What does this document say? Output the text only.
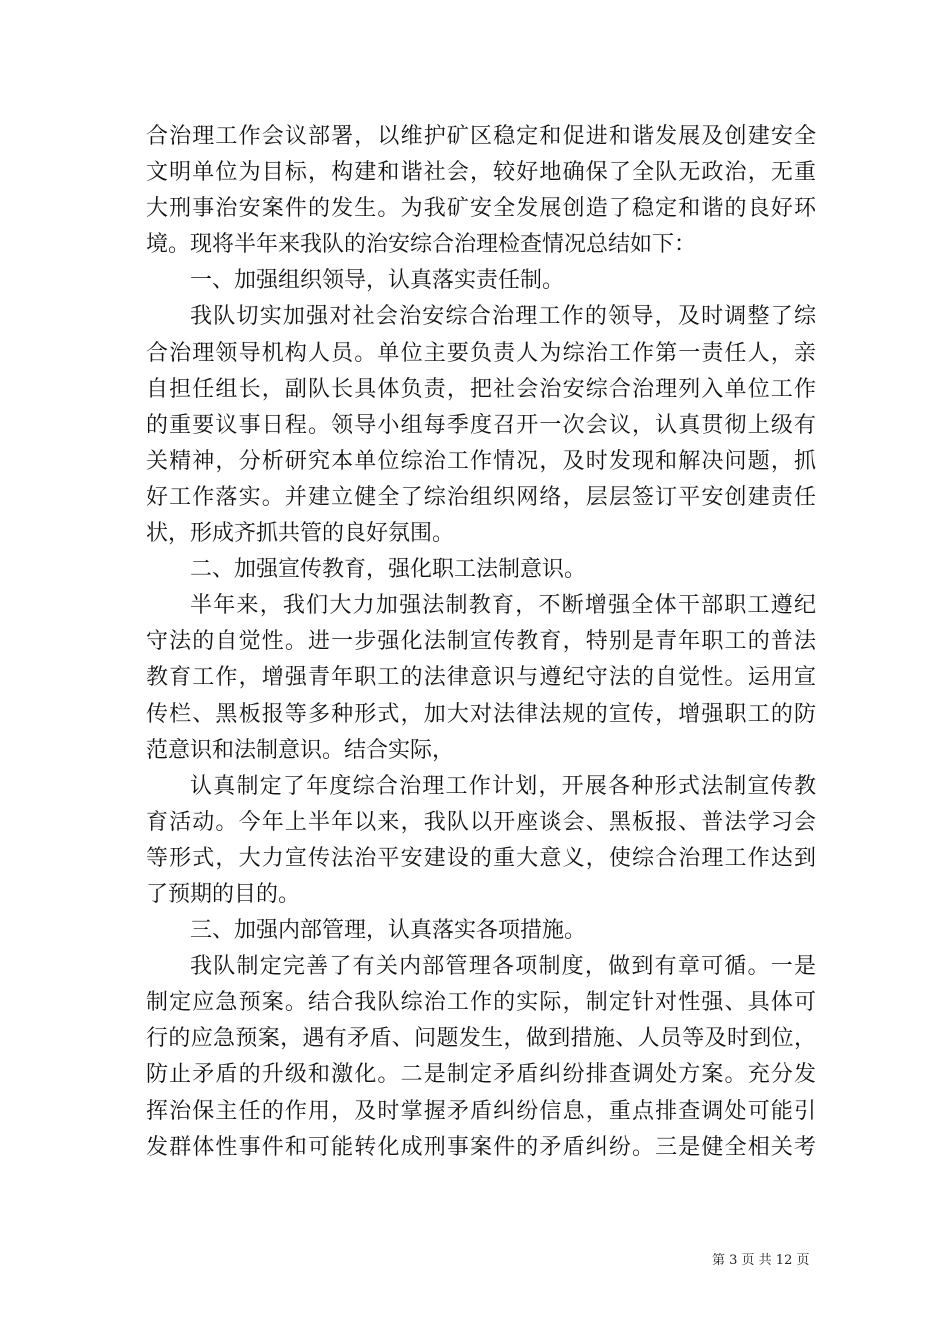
合治理工作会议部署，以维护矿区稳定和促进和谐发展及创建安全
文明单位为目标，构建和谐社会，较好地确保了全队无政治，无重
大刑事治安案件的发生。为我矿安全发展创造了稳定和谐的良好环
境。现将半年来我队的治安综合治理检查情况总结如下：
一、加强组织领导，认真落实责任制。
我队切实加强对社会治安综合治理工作的领导，及时调整了综
合治理领导机构人员。单位主要负责人为综治工作第一责任人，亲
自担任组长，副队长具体负责，把社会治安综合治理列入单位工作
的重要议事日程。领导小组每季度召开一次会议，认真贯彻上级有
关精神，分析研究本单位综治工作情况，及时发现和解决问题，抓
好工作落实。并建立健全了综治组织网络，层层签订平安创建责任
状，形成齐抓共管的良好氛围。
二、加强宣传教育，强化职工法制意识。
半年来，我们大力加强法制教育，不断增强全体干部职工遵纪
守法的自觉性。进一步强化法制宣传教育，特别是青年职工的普法
教育工作，增强青年职工的法律意识与遵纪守法的自觉性。运用宣
传栏、黑板报等多种形式，加大对法律法规的宣传，增强职工的防
范意识和法制意识。结合实际，
认真制定了年度综合治理工作计划，开展各种形式法制宣传教
育活动。今年上半年以来，我队以开座谈会、黑板报、普法学习会
等形式，大力宣传法治平安建设的重大意义，使综合治理工作达到
了预期的目的。
三、加强内部管理，认真落实各项措施。
我队制定完善了有关内部管理各项制度，做到有章可循。一是
制定应急预案。结合我队综治工作的实际，制定针对性强、具体可
行的应急预案，遇有矛盾、问题发生，做到措施、人员等及时到位，
防止矛盾的升级和激化。二是制定矛盾纠纷排查调处方案。充分发
挥治保主任的作用，及时掌握矛盾纠纷信息，重点排查调处可能引
发群体性事件和可能转化成刑事案件的矛盾纠纷。三是健全相关考
第 3 页 共 12 页
